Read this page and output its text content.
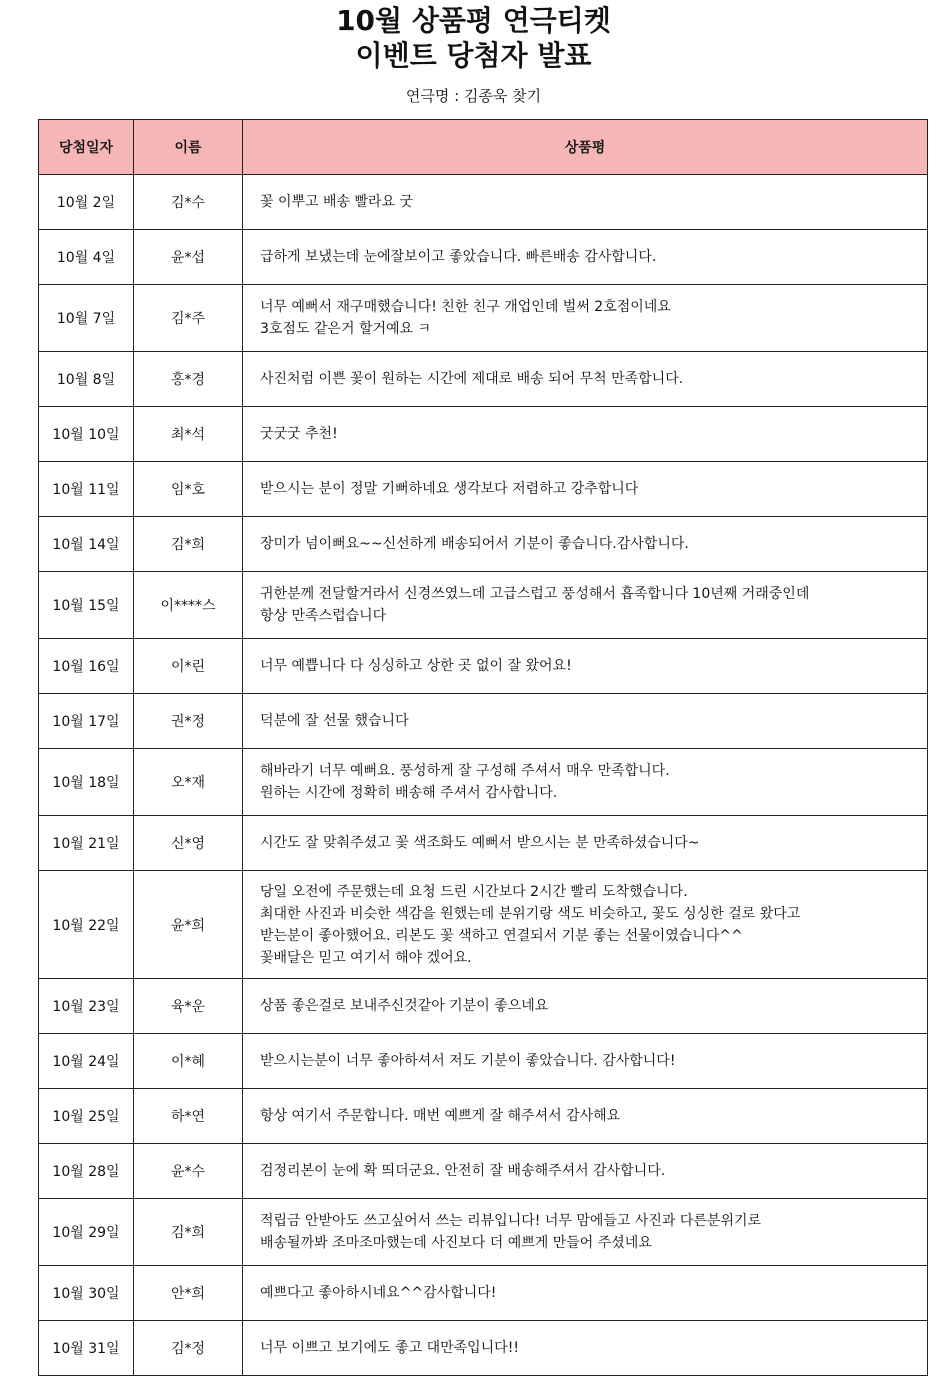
10월 상품평 연극티켓
이벤트 당첨자 발표
연극명 : 김종욱 찾기
당첨일자	이름	상품평
10월 2일	김*수	꽃 이뿌고 배송 빨라요 굿
10월 4일	윤*섭	급하게 보냈는데 눈에잘보이고 좋았습니다. 빠른배송 감사합니다.
10월 7일	김*주	너무 예뻐서 재구매했습니다! 친한 친구 개업인데 벌써 2호점이네요
3호점도 같은거 할거예요 ㅋ
10월 8일	홍*경	사진처럼 이쁜 꽃이 원하는 시간에 제대로 배송 되어 무척 만족합니다.
10월 10일	최*석	굿굿굿 추천!
10월 11일	임*호	받으시는 분이 정말 기뻐하네요 생각보다 저렴하고 강추합니다
10월 14일	김*희	장미가 넘이뻐요~~신선하게 배송되어서 기분이 좋습니다.감사합니다.
10월 15일	이****스	귀한분께 전달할거라서 신경쓰였느데 고급스럽고 풍성해서 흡족합니다 10년째 거래중인데
항상 만족스럽습니다
10월 16일	이*린	너무 예쁩니다 다 싱싱하고 상한 곳 없이 잘 왔어요!
10월 17일	권*정	덕분에 잘 선물 했습니다
10월 18일	오*재	해바라기 너무 예뻐요. 풍성하게 잘 구성해 주셔서 매우 만족합니다.
원하는 시간에 정확히 배송해 주셔서 감사합니다.
10월 21일	신*영	시간도 잘 맞춰주셨고 꽃 색조화도 예뻐서 받으시는 분 만족하셨습니다~
10월 22일	윤*희	당일 오전에 주문했는데 요청 드린 시간보다 2시간 빨리 도착했습니다.
최대한 사진과 비슷한 색감을 원했는데 분위기랑 색도 비슷하고, 꽃도 싱싱한 걸로 왔다고
받는분이 좋아했어요. 리본도 꽃 색하고 연결되서 기분 좋는 선물이였습니다^^
꽃배달은 믿고 여기서 해야 겠어요.
10월 23일	육*운	상품 좋은걸로 보내주신것같아 기분이 좋으네요
10월 24일	이*혜	받으시는분이 너무 좋아하셔서 저도 기분이 좋았습니다. 감사합니다!
10월 25일	하*연	항상 여기서 주문합니다. 매번 예쁘게 잘 해주셔서 감사해요
10월 28일	윤*수	검정리본이 눈에 확 띄더군요. 안전히 잘 배송해주셔서 감사합니다.
10월 29일	김*희	적립금 안받아도 쓰고싶어서 쓰는 리뷰입니다! 너무 맘에들고 사진과 다른분위기로
배송될까봐 조마조마했는데 사진보다 더 예쁘게 만들어 주셨네요
10월 30일	안*희	예쁘다고 좋아하시네요^^감사합니다!
10월 31일	김*정	너무 이쁘고 보기에도 좋고 대만족입니다!!
